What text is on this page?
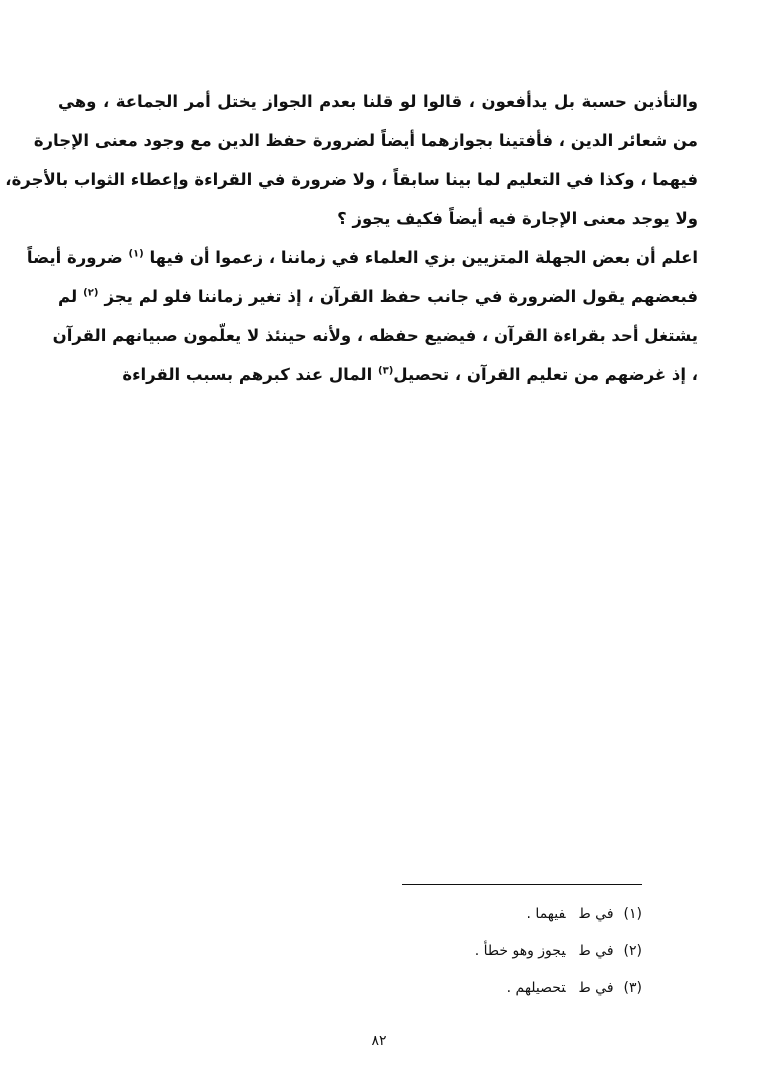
والتأذين حسبة بل يدأفعون ، قالوا لو قلنا بعدم الجواز يختل أمر الجماعة ، وهي
من شعائر الدين ، فأفتينا بجوازهما أيضاً لضرورة حفظ الدين مع وجود معنى الإجارة
فيهما ، وكذا في التعليم لما بينا سابقاً ، ولا ضرورة في القراءة وإعطاء الثواب بالأجرة،
ولا يوجد معنى الإجارة فيه أيضاً فكيف يجوز ؟
اعلم أن بعض الجهلة المتزيين بزي العلماء في زماننا ، زعموا أن فيها $^{(١)}$ ضرورة أيضاً
فبعضهم يقول الضرورة في جانب حفظ القرآن ، إذ تغير زماننا فلو لم يجز $^{(٢)}$ لم
يشتغل أحد بقراءة القرآن ، فيضيع حفظه ، ولأنه حينئذ لا يعلّمون صبيانهم القرآن
، إذ غرضهم من تعليم القرآن ، تحصيل$^{(٣)}$ المال عند كبرهم بسبب القراءة
(١)في طفيهما .
(٢)في طيجوز وهو خطأ .
(٣)في طتحصيلهم .
٨٢
